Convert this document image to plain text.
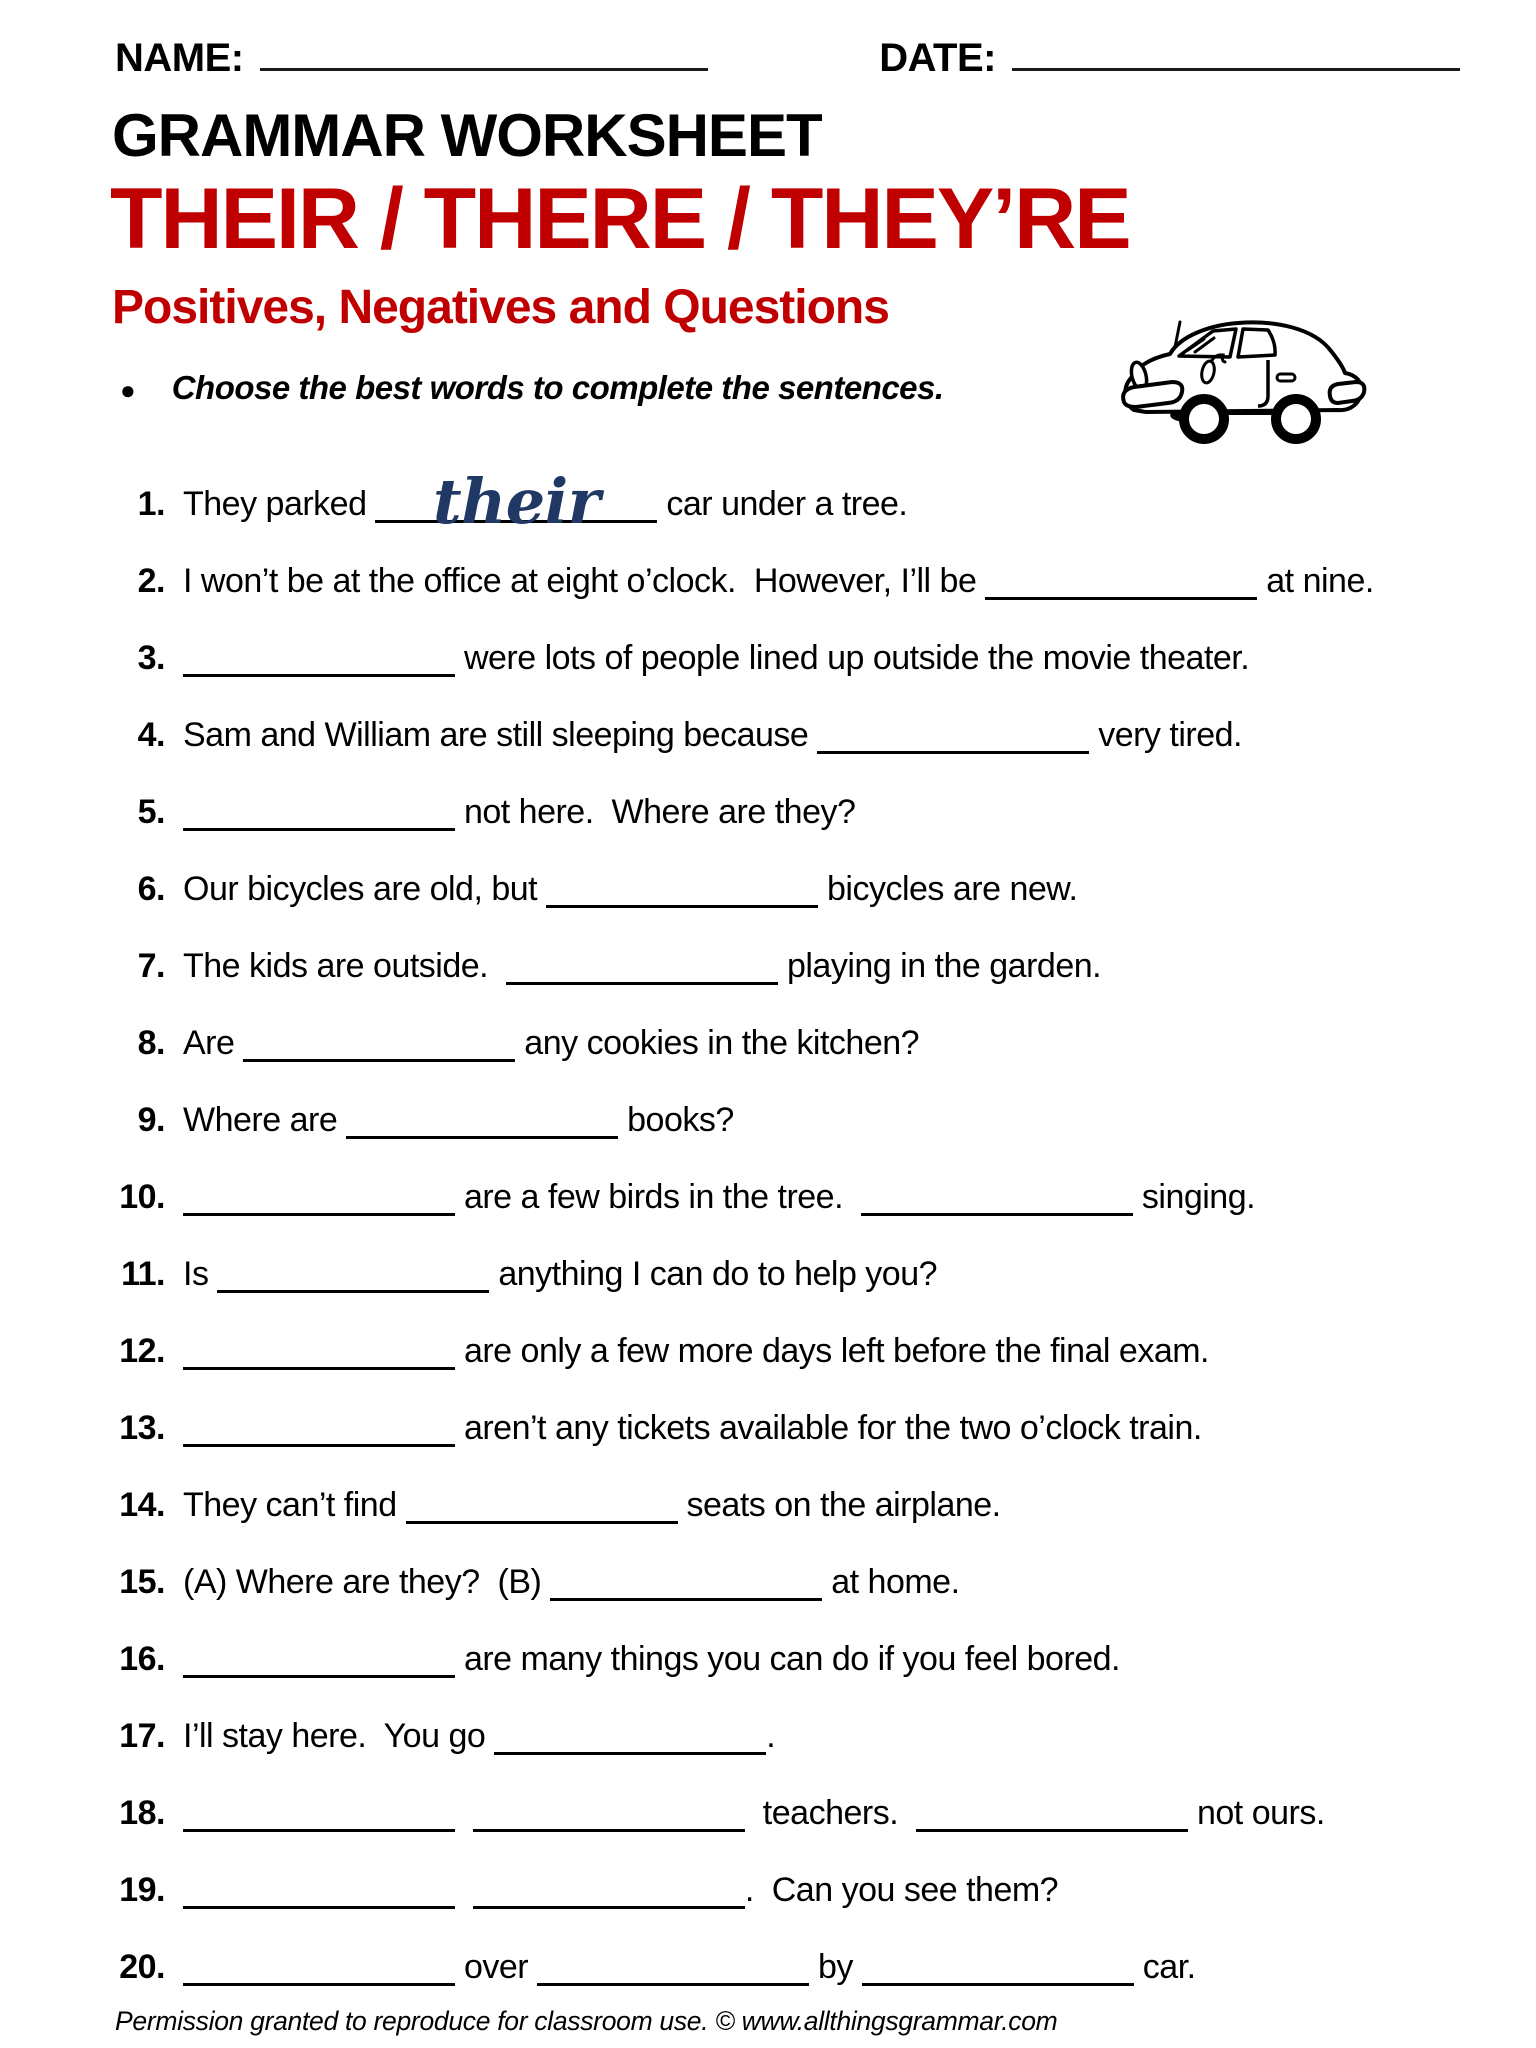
NAME:	DATE:
GRAMMAR WORKSHEET
THEIR / THERE / THEY’RE
Positives, Negatives and Questions
● Choose the best words to complete the sentences.
1. They parked their car under a tree.
2. I won’t be at the office at eight o’clock.  However, I’ll be	at nine.
3.	were lots of people lined up outside the movie theater.
4. Sam and William are still sleeping because	very tired.
5.	not here.  Where are they?
6. Our bicycles are old, but	bicycles are new.
7. The kids are outside.	playing in the garden.
8. Are	any cookies in the kitchen?
9. Where are	books?
10.	are a few birds in the tree.	singing.
11. Is	anything I can do to help you?
12.	are only a few more days left before the final exam.
13.	aren’t any tickets available for the two o’clock train.
14. They can’t find	seats on the airplane.
15. (A) Where are they?  (B)	at home.
16.	are many things you can do if you feel bored.
17. I’ll stay here.  You go	.
18.	teachers.	not ours.
19.	.  Can you see them?
20.	over	by	car.
Permission granted to reproduce for classroom use. © www.allthingsgrammar.com
